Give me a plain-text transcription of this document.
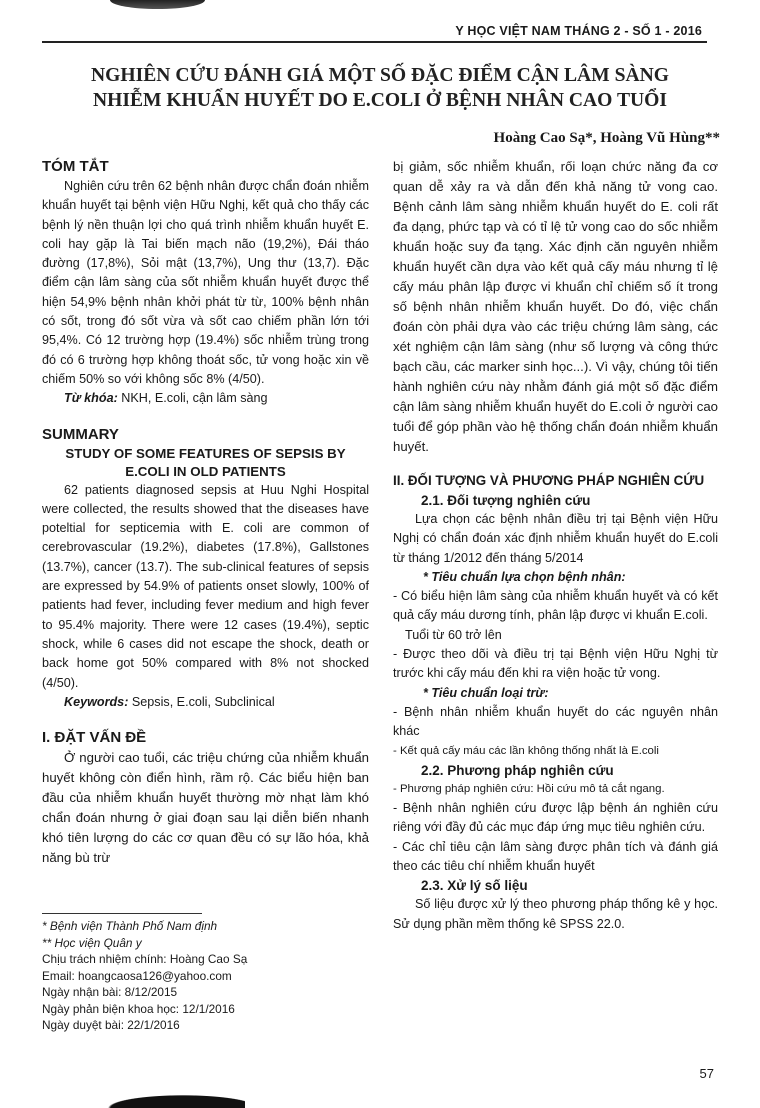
Y HỌC VIỆT NAM THÁNG 2 - SỐ 1 - 2016
NGHIÊN CỨU ĐÁNH GIÁ MỘT SỐ ĐẶC ĐIỂM CẬN LÂM SÀNG
NHIỄM KHUẨN HUYẾT DO E.COLI Ở BỆNH NHÂN CAO TUỔI
Hoàng Cao Sạ*, Hoàng Vũ Hùng**
TÓM TẮT

Nghiên cứu trên 62 bệnh nhân được chẩn đoán nhiễm khuẩn huyết tại bệnh viện Hữu Nghị, kết quả cho thấy các bệnh lý nền thuận lợi cho quá trình nhiễm khuẩn huyết E. coli hay gặp là Tai biến mạch não (19,2%), Đái tháo đường (17,8%), Sỏi mật (13,7%), Ung thư (13,7). Đặc điểm cận lâm sàng của sốt nhiễm khuẩn huyết được thể hiện 54,9% bệnh nhân khởi phát từ từ, 100% bệnh nhân có sốt, trong đó sốt vừa và sốt cao chiếm phần lớn tới 95,4%. Có 12 trường hợp (19.4%) sốc nhiễm trùng trong đó có 6 trường hợp không thoát sốc, tử vong hoặc xin về chiếm 50% so với không sốc 8% (4/50).

Từ khóa: NKH, E.coli, cận lâm sàng

SUMMARY
STUDY OF SOME FEATURES OF SEPSIS BY
E.COLI IN OLD PATIENTS

62 patients diagnosed sepsis at Huu Nghi Hospital were collected, the results showed that the diseases have poteltial for septicemia with E. coli are common of cerebrovascular (19.2%), diabetes (17.8%), Gallstones (13.7%), cancer (13.7). The sub-clinical features of sepsis are expressed by 54.9% of patients onset slowly, 100% of patients had fever, including fever medium and high fever to 95.4% majority. There were 12 cases (19.4%), septic shock, while 6 cases did not escape the shock, death or back home got 50% compared with 8% not shocked (4/50).

Keywords: Sepsis, E.coli, Subclinical

I. ĐẶT VẤN ĐỀ

Ở người cao tuổi, các triệu chứng của nhiễm khuẩn huyết không còn điển hình, rầm rộ. Các biểu hiện ban đầu của nhiễm khuẩn huyết thường mờ nhạt làm khó chẩn đoán nhưng ở giai đoạn sau lại diễn biến nhanh khó tiên lượng do các cơ quan đều có sự lão hóa, khả năng bù trừ

* Bệnh viện Thành Phố Nam định

** Học viện Quân y

Chịu trách nhiệm chính: Hoàng Cao Sạ

Email: hoangcaosa126@yahoo.com

Ngày nhận bài: 8/12/2015

Ngày phản biện khoa học: 12/1/2016

Ngày duyệt bài: 22/1/2016

bị giảm, sốc nhiễm khuẩn, rối loạn chức năng đa cơ quan dễ xảy ra và dẫn đến khả năng tử vong cao. Bệnh cảnh lâm sàng nhiễm khuẩn huyết do E. coli rất đa dạng, phức tạp và có tỉ lệ tử vong cao do sốc nhiễm khuẩn hoặc suy đa tạng. Xác định căn nguyên nhiễm khuẩn huyết cần dựa vào kết quả cấy máu nhưng tỉ lệ cấy máu phân lập được vi khuẩn chỉ chiếm số ít trong số bệnh nhân nhiễm khuẩn huyết. Do đó, việc chẩn đoán còn phải dựa vào các triệu chứng lâm sàng, các xét nghiệm cận lâm sàng (như số lượng và công thức bạch cầu, các marker sinh học...). Vì vậy, chúng tôi tiến hành nghiên cứu này nhằm đánh giá một số đặc điểm cận lâm sàng nhiễm khuẩn huyết do E.coli ở người cao tuổi để góp phần vào hệ thống chẩn đoán nhiễm khuẩn huyết.

II. ĐỐI TƯỢNG VÀ PHƯƠNG PHÁP NGHIÊN CỨU
2.1. Đối tượng nghiên cứu

Lựa chọn các bệnh nhân điều trị tại Bệnh viện Hữu Nghị có chẩn đoán xác định nhiễm khuẩn huyết do E.coli từ tháng 1/2012 đến tháng 5/2014

* Tiêu chuẩn lựa chọn bệnh nhân:

- Có biểu hiện lâm sàng của nhiễm khuẩn huyết và có kết quả cấy máu dương tính, phân lập được vi khuẩn E.coli.

Tuổi từ 60 trở lên

- Được theo dõi và điều trị tại Bệnh viện Hữu Nghị từ trước khi cấy máu đến khi ra viện hoặc tử vong.

* Tiêu chuẩn loại trừ:

- Bệnh nhân nhiễm khuẩn huyết do các nguyên nhân khác

- Kết quả cấy máu các lần không thống nhất là E.coli

2.2. Phương pháp nghiên cứu

- Phương pháp nghiên cứu: Hồi cứu mô tả cắt ngang.

- Bệnh nhân nghiên cứu được lập bệnh án nghiên cứu riêng với đầy đủ các mục đáp ứng mục tiêu nghiên cứu.

- Các chỉ tiêu cận lâm sàng được phân tích và đánh giá theo các tiêu chí nhiễm khuẩn huyết

2.3. Xử lý số liệu

Số liệu được xử lý theo phương pháp thống kê y học. Sử dụng phần mềm thống kê SPSS 22.0.

57
